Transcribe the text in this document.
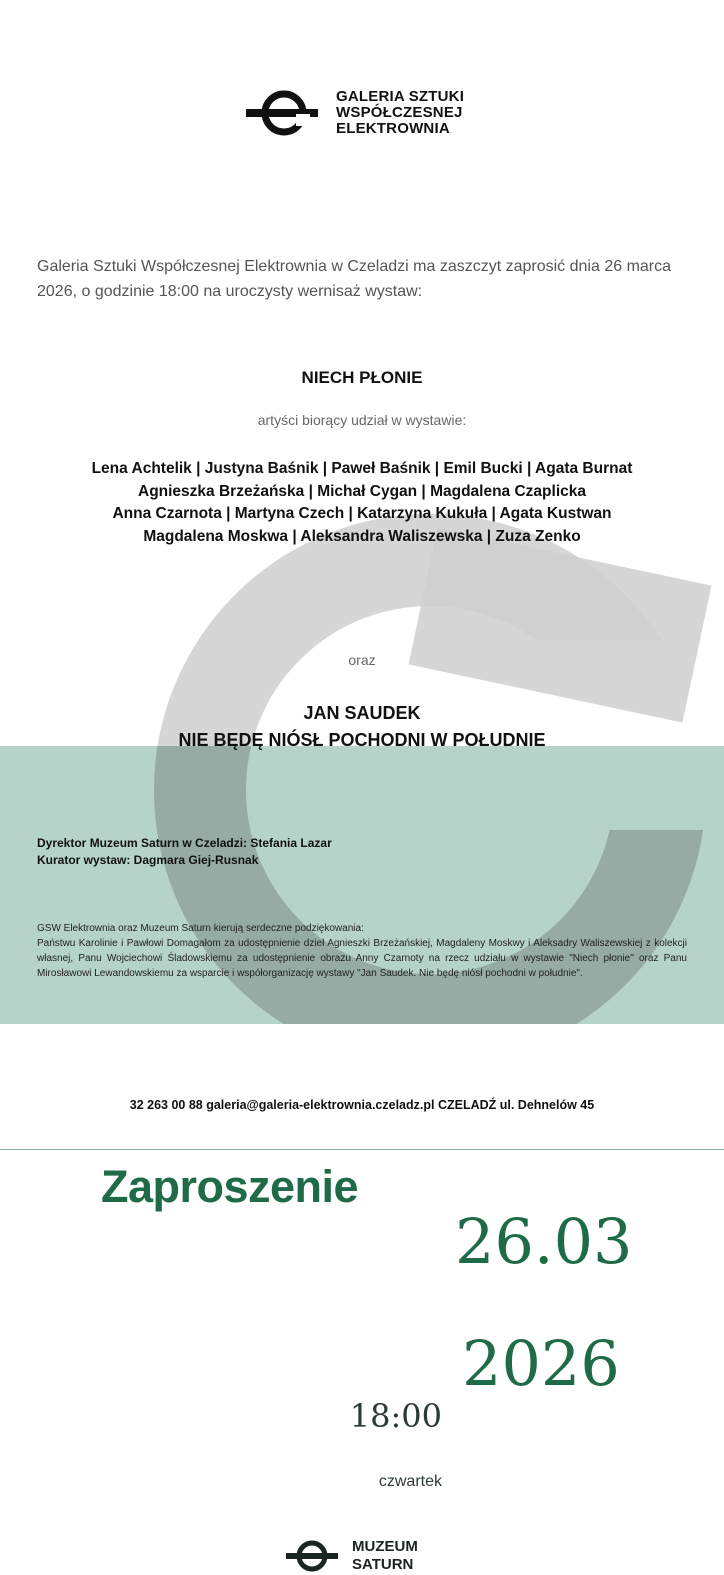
GALERIA SZTUKI
WSPÓŁCZESNEJ
ELEKTROWNIA
Galeria Sztuki Współczesnej Elektrownia w Czeladzi ma zaszczyt zaprosić dnia 26 marca 2026, o godzinie 18:00 na uroczysty wernisaż wystaw:
NIECH PŁONIE
artyści biorący udział w wystawie:
Lena Achtelik | Justyna Baśnik | Paweł Baśnik | Emil Bucki | Agata Burnat
Agnieszka Brzeżańska | Michał Cygan | Magdalena Czaplicka
Anna Czarnota | Martyna Czech | Katarzyna Kukuła | Agata Kustwan
Magdalena Moskwa | Aleksandra Waliszewska | Zuza Zenko
oraz
JAN SAUDEK
NIE BĘDĘ NIÓSŁ POCHODNI W POŁUDNIE
Dyrektor Muzeum Saturn w Czeladzi: Stefania Lazar
Kurator wystaw: Dagmara Giej-Rusnak

GSW Elektrownia oraz Muzeum Saturn kierują serdeczne podziękowania:

Państwu Karolinie i Pawłowi Domagałom za udostępnienie dzieł Agnieszki Brzeżańskiej, Magdaleny Moskwy i Aleksadry Waliszewskiej z kolekcji własnej, Panu Wojciechowi Śladowskiemu za udostępnienie obrazu Anny Czarnoty na rzecz udziału w wystawie "Niech płonie" oraz Panu Mirosławowi Lewandowskiemu za wsparcie i współorganizację wystawy "Jan Saudek. Nie będę niósł pochodni w południe".

32 263 00 88 galeria@galeria-elektrownia.czeladz.pl CZELADŹ ul. Dehnelów 45
Zaproszenie
26.03
2026
18:00
czwartek
MUZEUM
SATURN
